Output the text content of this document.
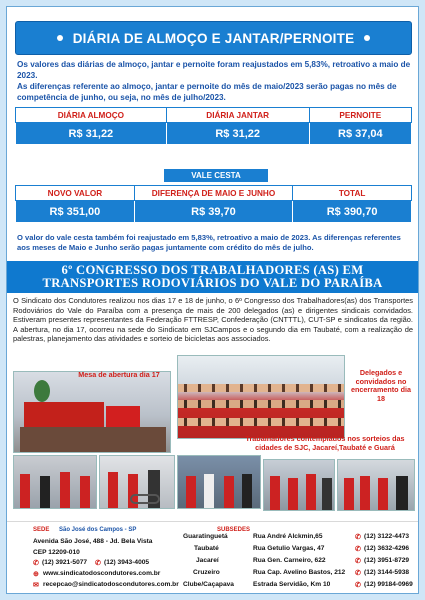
DIÁRIA DE ALMOÇO E JANTAR/PERNOITE

Os valores das diárias de almoço, jantar e pernoite foram reajustados em 5,83%, retroativo a maio de 2023.

As diferenças referente ao almoço, jantar e pernoite do mês de maio/2023 serão pagas no mês de competência de junho, ou seja, no mês de julho/2023.

DIÁRIA ALMOÇO	DIÁRIA JANTAR	PERNOITE
R$ 31,22	R$ 31,22	R$ 37,04
VALE CESTA
NOVO VALOR	DIFERENÇA DE MAIO E JUNHO	TOTAL
R$ 351,00	R$ 39,70	R$ 390,70

O valor do vale cesta também foi reajustado em 5,83%, retroativo a maio de 2023. As diferenças referentes aos meses de Maio e Junho serão pagas juntamente com crédito do mês de julho.

6º CONGRESSO DOS TRABALHADORES (AS) EM
TRANSPORTES RODOVIÁRIOS DO VALE DO PARAÍBA

O Sindicato dos Condutores realizou nos dias 17 e 18 de junho, o 6º Congresso dos Trabalhadores(as) dos Transportes Rodoviários do Vale do Paraíba com a presença de mais de 200 delegados (as) e dirigentes sindicais convidados. Estiveram presentes representantes da Federação FTTRESP, Confederação (CNTTTL), CUT-SP e sindicatos da região. A abertura, no dia 17, ocorreu na sede do Sindicato em SJCampos e o segundo dia em Taubaté, com a realização de palestras, planejamento das atividades e sorteio de bicicletas aos associados.

Mesa de abertura dia 17	Delegados e convidados no encerramento dia 18

Trabalhadores contemplados nos sorteios das cidades de SJC, Jacareí,Taubaté e Guará

SEDE São José dos Campos - SP
Avenida São José, 488 - Jd. Bela Vista
CEP 12209-010
✆ (12) 3921-5077 ✆ (12) 3943-4005
⊕ www.sindicatodoscondutores.com.br
✉ recepcao@sindicatodoscondutores.com.br
SUBSEDES
Guaratinguetá	Rua André Alckmin,65	✆ (12) 3122-4473
Taubaté	Rua Getulio Vargas, 47	✆ (12) 3632-4296
Jacareí	Rua Gen. Carneiro, 622	✆ (12) 3951-8729
Cruzeiro	Rua Cap. Avelino Bastos, 212 ✆ (12) 3144-5938
Clube/Caçapava	Estrada Servidão, Km 10	✆ (12) 99184-0969
